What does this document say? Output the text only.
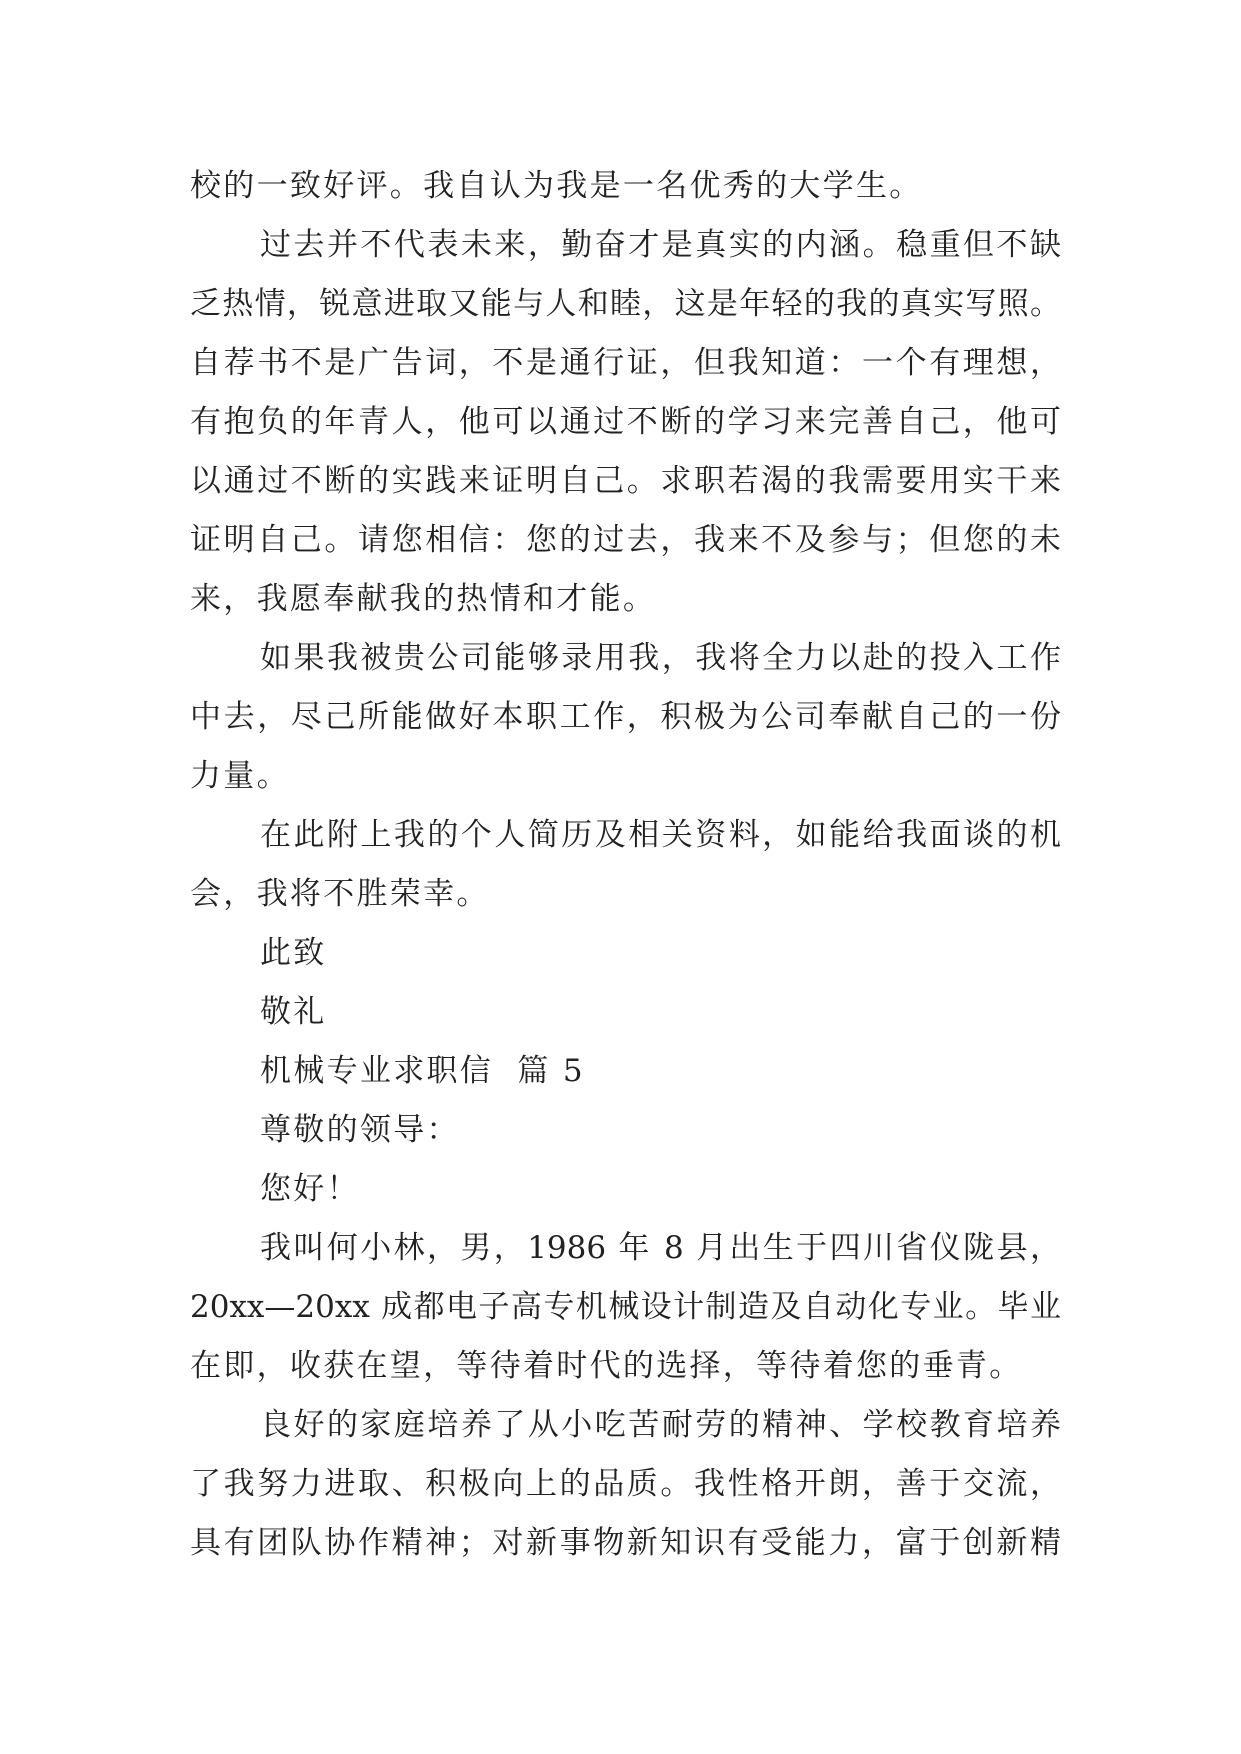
校的一致好评。我自认为我是一名优秀的大学生。
过去并不代表未来，勤奋才是真实的内涵。稳重但不缺
乏热情，锐意进取又能与人和睦，这是年轻的我的真实写照。
自荐书不是广告词，不是通行证，但我知道：一个有理想，
有抱负的年青人，他可以通过不断的学习来完善自己，他可
以通过不断的实践来证明自己。求职若渴的我需要用实干来
证明自己。请您相信：您的过去，我来不及参与；但您的未
来，我愿奉献我的热情和才能。
如果我被贵公司能够录用我，我将全力以赴的投入工作
中去，尽己所能做好本职工作，积极为公司奉献自己的一份
力量。
在此附上我的个人简历及相关资料，如能给我面谈的机
会，我将不胜荣幸。
此致
敬礼
机械专业求职信  篇 5
尊敬的领导：
您好！
我叫何小林，男，1986 年 8 月出生于四川省仪陇县，
20xx—20xx 成都电子高专机械设计制造及自动化专业。毕业
在即，收获在望，等待着时代的选择，等待着您的垂青。
良好的家庭培养了从小吃苦耐劳的精神、学校教育培养
了我努力进取、积极向上的品质。我性格开朗，善于交流，
具有团队协作精神；对新事物新知识有受能力，富于创新精
